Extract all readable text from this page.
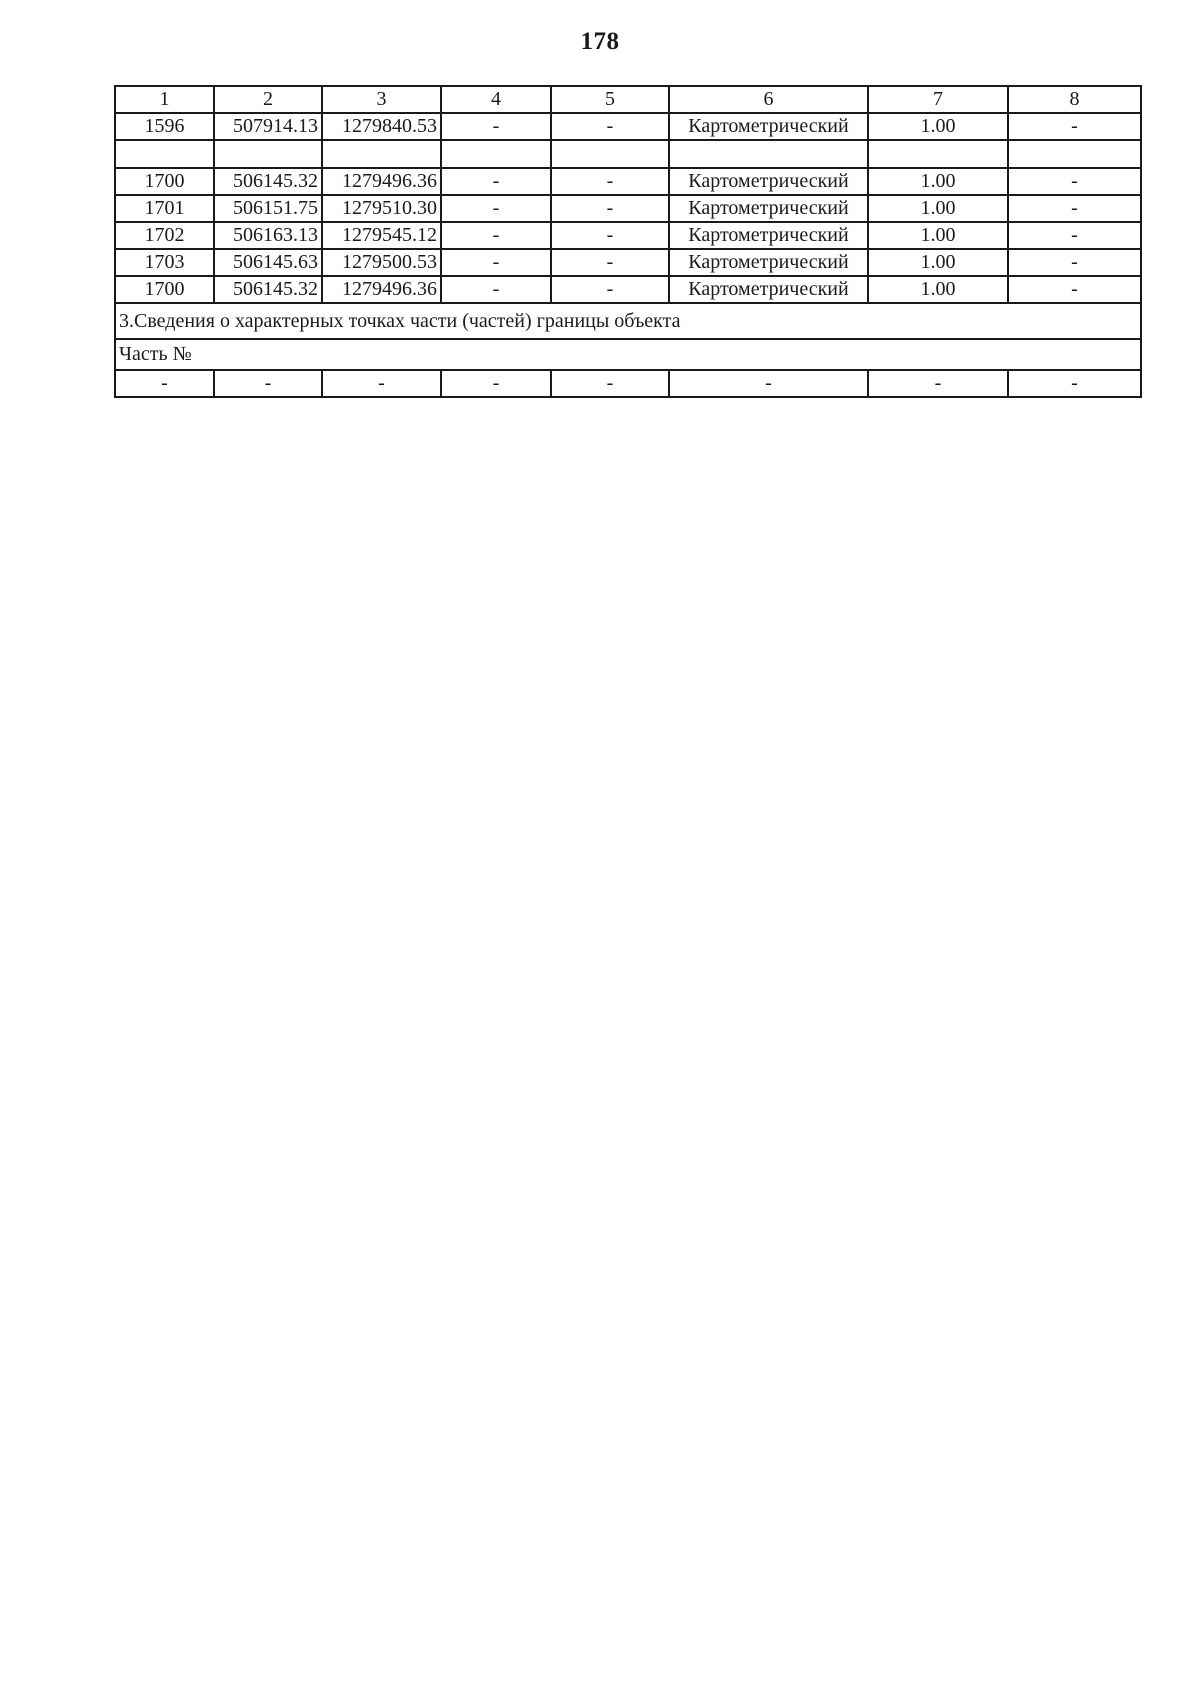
178
1	2	3	4	5	6	7	8
1596	507914.13	1279840.53	-	-	Картометрический	1.00	-

1700	506145.32	1279496.36	-	-	Картометрический	1.00	-
1701	506151.75	1279510.30	-	-	Картометрический	1.00	-
1702	506163.13	1279545.12	-	-	Картометрический	1.00	-
1703	506145.63	1279500.53	-	-	Картометрический	1.00	-
1700	506145.32	1279496.36	-	-	Картометрический	1.00	-
3.Сведения о характерных точках части (частей) границы объекта							
Часть №							
-	-	-	-	-	-	-	-
